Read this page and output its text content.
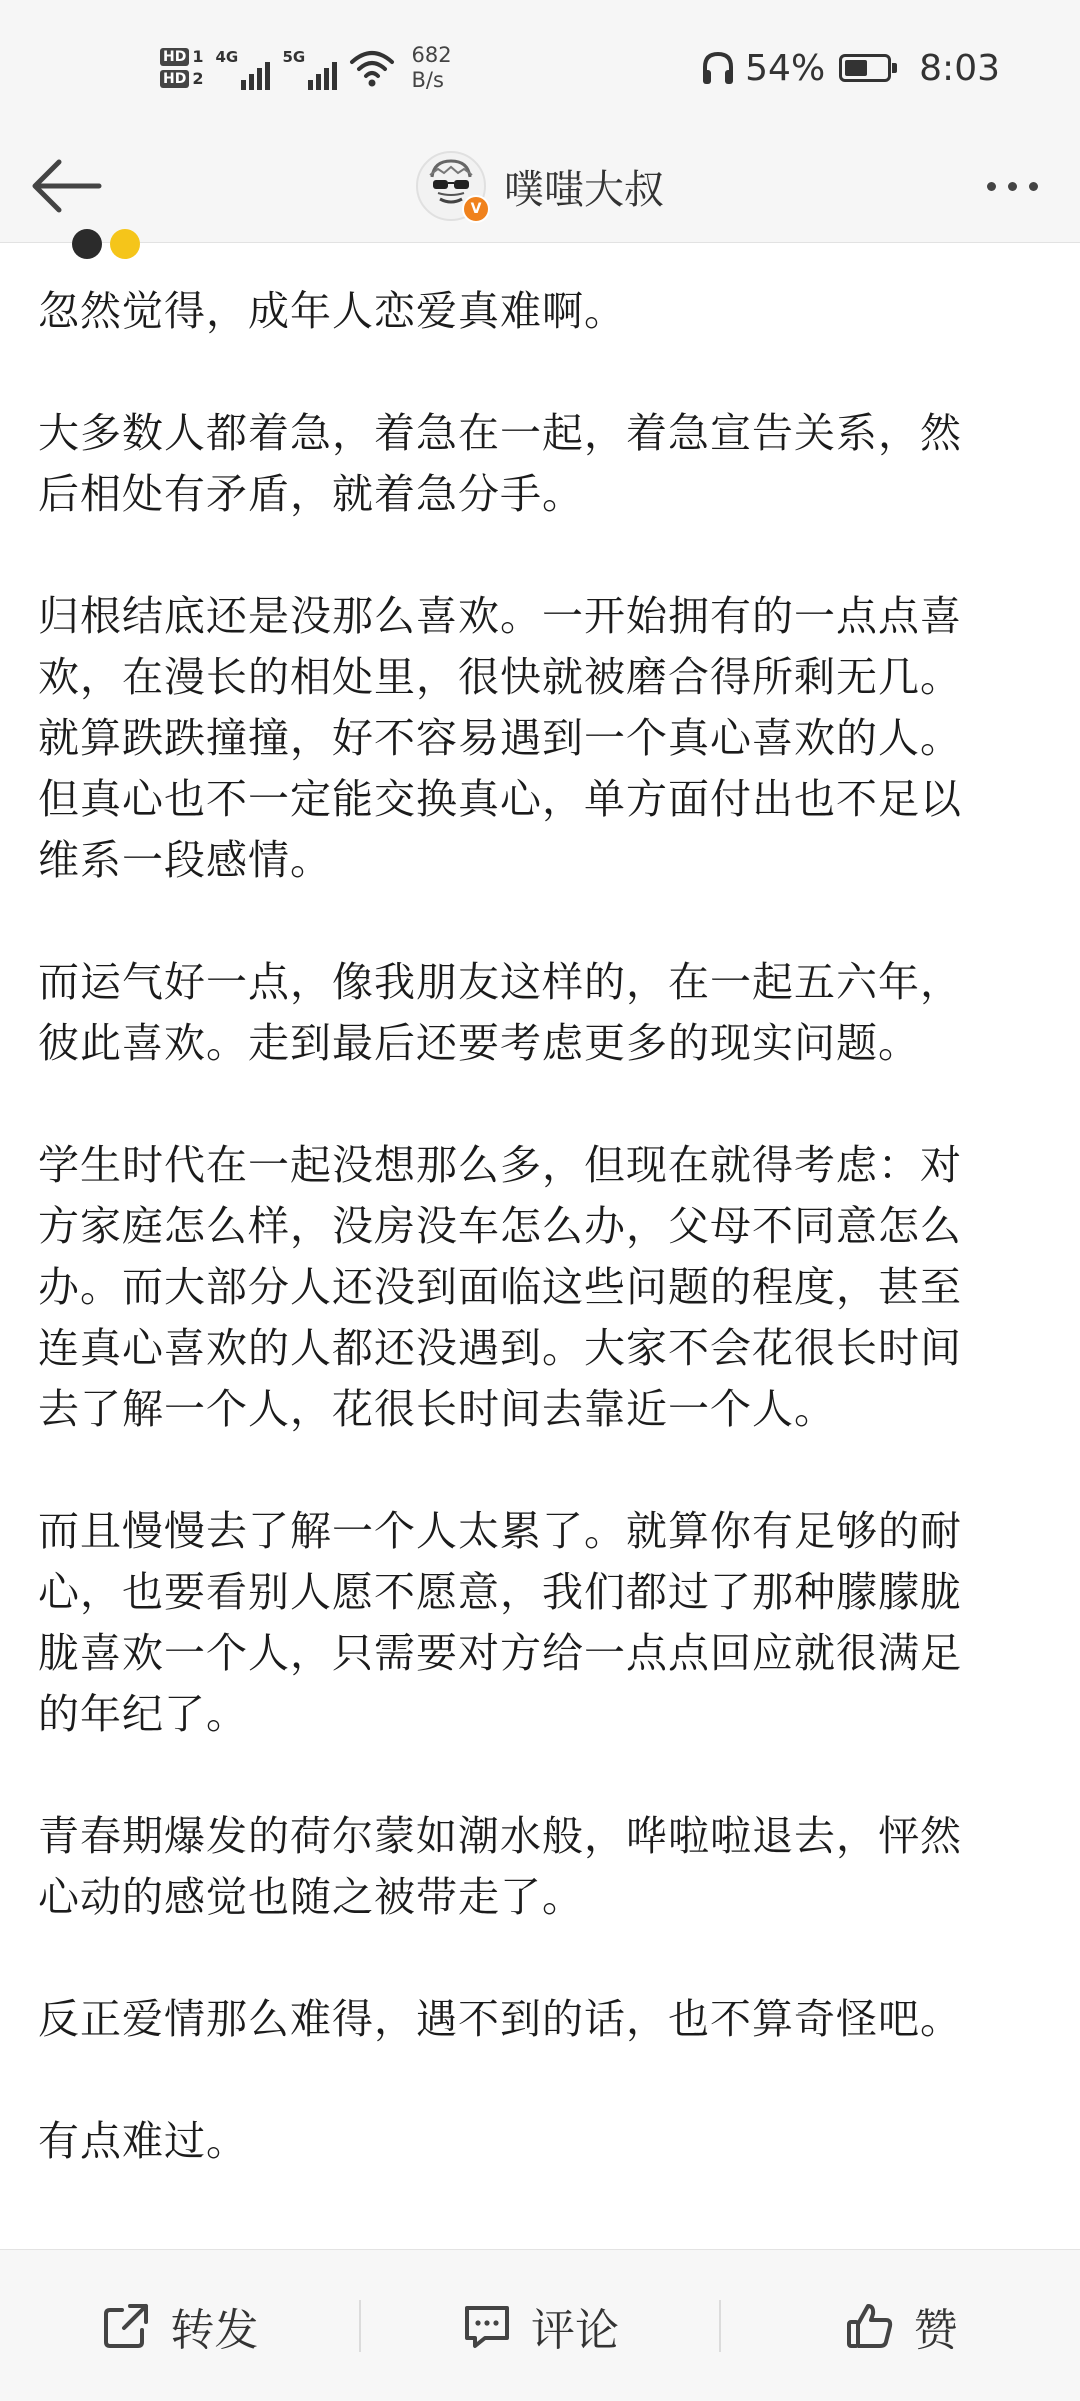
HD 1
HD 2
4G	5G	682
B/s	54%	8:03
V 噗嗤大叔

忽然觉得，成年人恋爱真难啊。

大多数人都着急，着急在一起，着急宣告关系，然
后相处有矛盾，就着急分手。

归根结底还是没那么喜欢。一开始拥有的一点点喜
欢，在漫长的相处里，很快就被磨合得所剩无几。
就算跌跌撞撞，好不容易遇到一个真心喜欢的人。
但真心也不一定能交换真心，单方面付出也不足以
维系一段感情。

而运气好一点，像我朋友这样的，在一起五六年，
彼此喜欢。走到最后还要考虑更多的现实问题。

学生时代在一起没想那么多，但现在就得考虑：对
方家庭怎么样，没房没车怎么办，父母不同意怎么
办。而大部分人还没到面临这些问题的程度，甚至
连真心喜欢的人都还没遇到。大家不会花很长时间
去了解一个人，花很长时间去靠近一个人。

而且慢慢去了解一个人太累了。就算你有足够的耐
心，也要看别人愿不愿意，我们都过了那种朦朦胧
胧喜欢一个人，只需要对方给一点点回应就很满足
的年纪了。

青春期爆发的荷尔蒙如潮水般，哗啦啦退去，怦然
心动的感觉也随之被带走了。

反正爱情那么难得，遇不到的话，也不算奇怪吧。

有点难过。

转发	评论	赞
